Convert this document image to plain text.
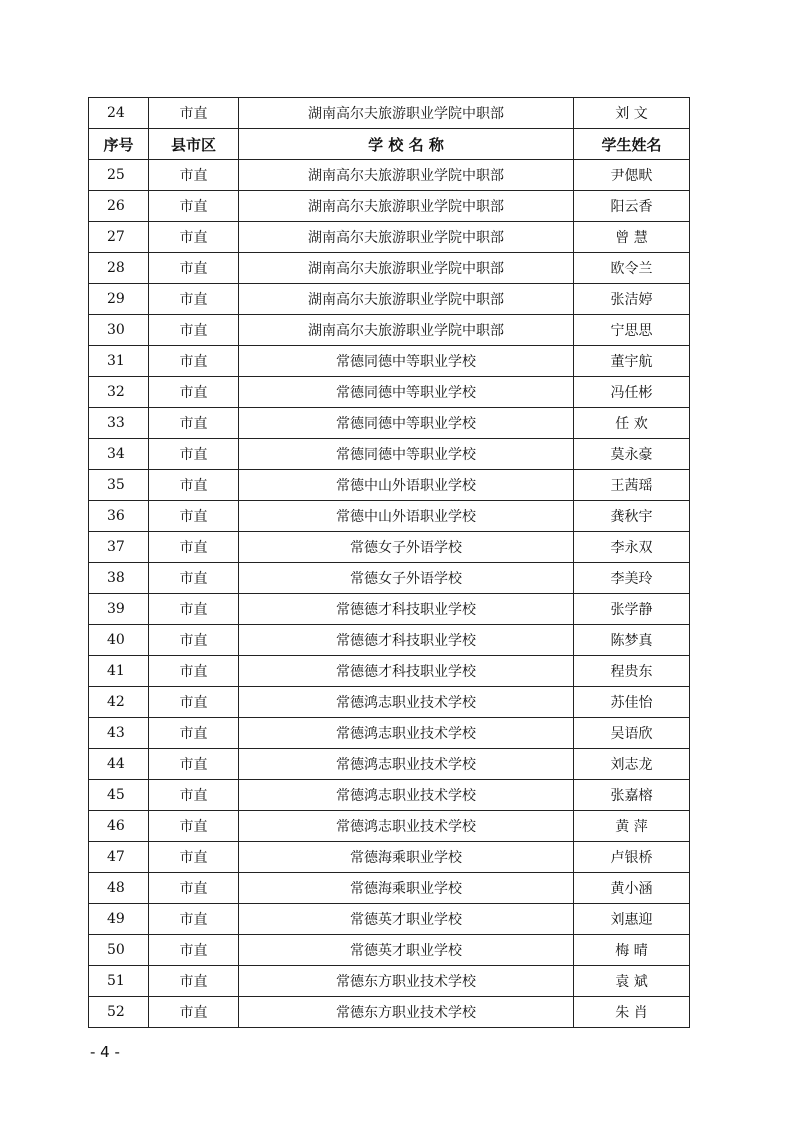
24	市直	湖南高尔夫旅游职业学院中职部	刘 文
序号	县市区	学 校 名 称	学生姓名
25	市直	湖南高尔夫旅游职业学院中职部	尹偲畎
26	市直	湖南高尔夫旅游职业学院中职部	阳云香
27	市直	湖南高尔夫旅游职业学院中职部	曾 慧
28	市直	湖南高尔夫旅游职业学院中职部	欧令兰
29	市直	湖南高尔夫旅游职业学院中职部	张洁婷
30	市直	湖南高尔夫旅游职业学院中职部	宁思思
31	市直	常德同德中等职业学校	董宇航
32	市直	常德同德中等职业学校	冯任彬
33	市直	常德同德中等职业学校	任 欢
34	市直	常德同德中等职业学校	莫永豪
35	市直	常德中山外语职业学校	王茜瑶
36	市直	常德中山外语职业学校	龚秋宇
37	市直	常德女子外语学校	李永双
38	市直	常德女子外语学校	李美玲
39	市直	常德德才科技职业学校	张学静
40	市直	常德德才科技职业学校	陈梦真
41	市直	常德德才科技职业学校	程贵东
42	市直	常德鸿志职业技术学校	苏佳怡
43	市直	常德鸿志职业技术学校	吴语欣
44	市直	常德鸿志职业技术学校	刘志龙
45	市直	常德鸿志职业技术学校	张嘉榕
46	市直	常德鸿志职业技术学校	黄 萍
47	市直	常德海乘职业学校	卢银桥
48	市直	常德海乘职业学校	黄小涵
49	市直	常德英才职业学校	刘惠迎
50	市直	常德英才职业学校	梅 晴
51	市直	常德东方职业技术学校	袁 斌
52	市直	常德东方职业技术学校	朱 肖
- 4 -
